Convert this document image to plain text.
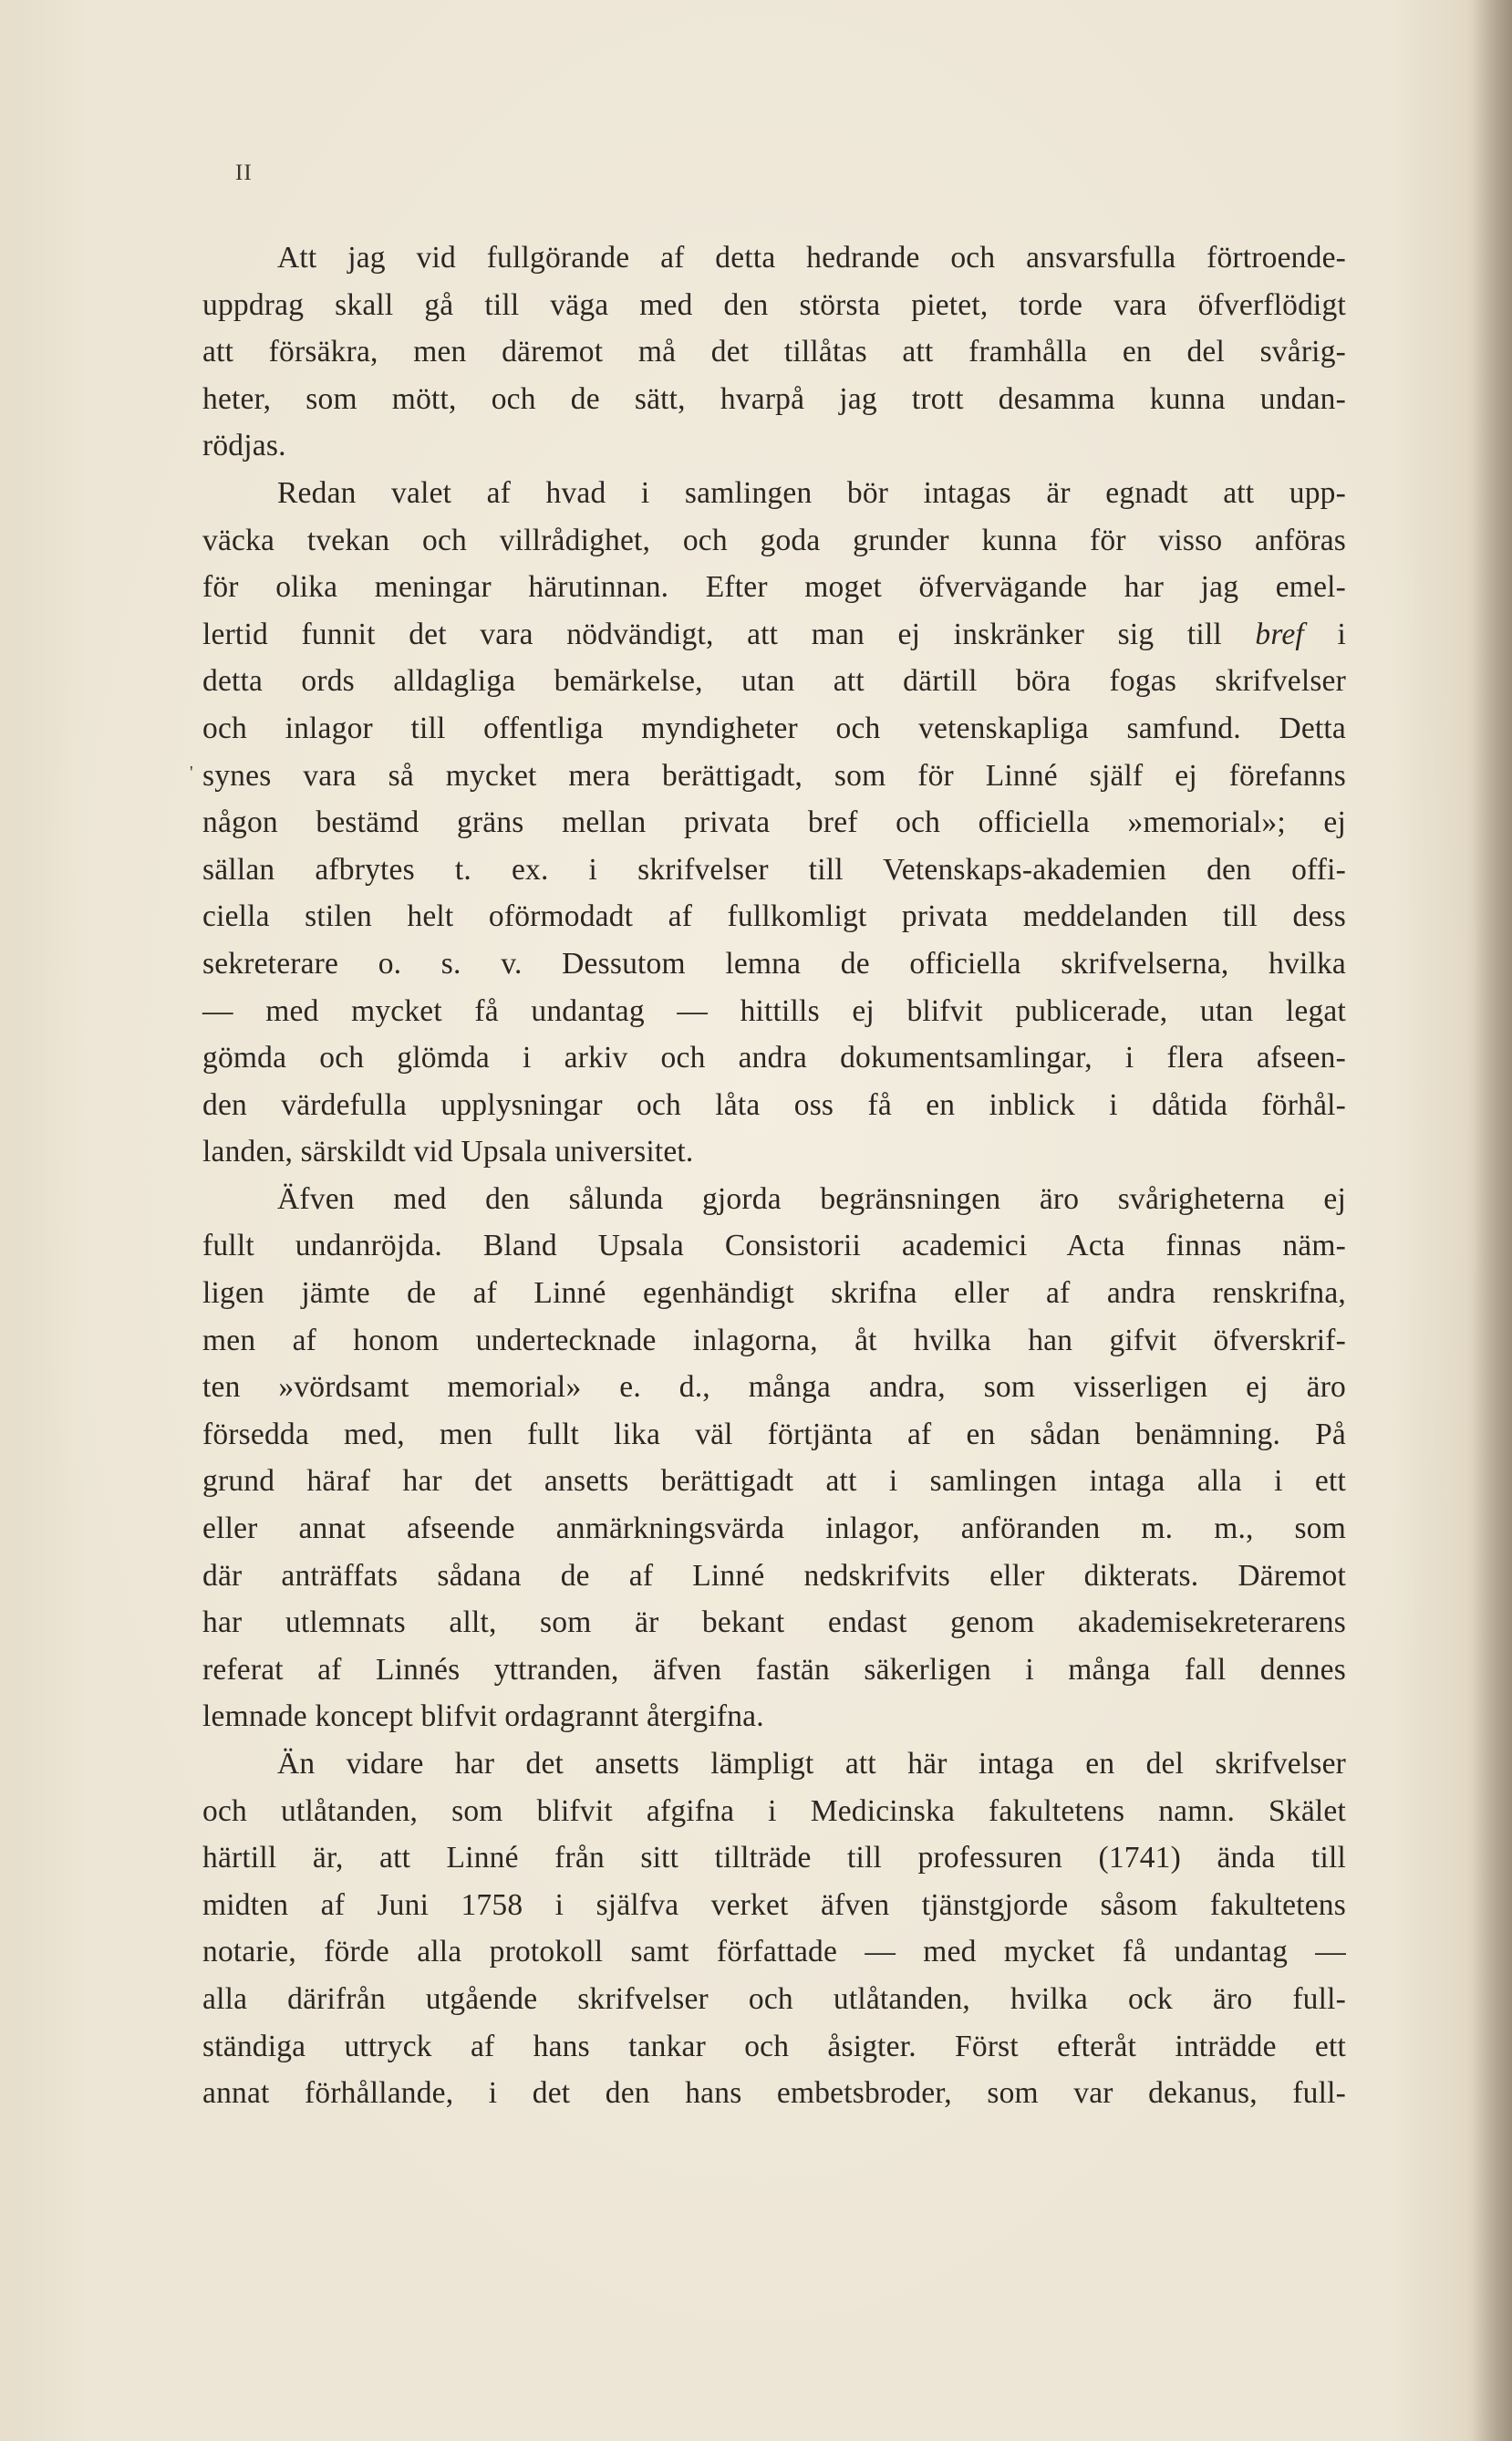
II
'
Att jag vid fullgörande af detta hedrande och ansvarsfulla förtroende-
uppdrag skall gå till väga med den största pietet, torde vara öfverflödigt
att försäkra, men däremot må det tillåtas att framhålla en del svårig-
heter, som mött, och de sätt, hvarpå jag trott desamma kunna undan-
rödjas.
Redan valet af hvad i samlingen bör intagas är egnadt att upp-
väcka tvekan och villrådighet, och goda grunder kunna för visso anföras
för olika meningar härutinnan. Efter moget öfvervägande har jag emel-
lertid funnit det vara nödvändigt, att man ej inskränker sig till bref i
detta ords alldagliga bemärkelse, utan att därtill böra fogas skrifvelser
och inlagor till offentliga myndigheter och vetenskapliga samfund. Detta
synes vara så mycket mera berättigadt, som för Linné själf ej förefanns
någon bestämd gräns mellan privata bref och officiella »memorial»; ej
sällan afbrytes t. ex. i skrifvelser till Vetenskaps-akademien den offi-
ciella stilen helt oförmodadt af fullkomligt privata meddelanden till dess
sekreterare o. s. v. Dessutom lemna de officiella skrifvelserna, hvilka
— med mycket få undantag — hittills ej blifvit publicerade, utan legat
gömda och glömda i arkiv och andra dokumentsamlingar, i flera afseen-
den värdefulla upplysningar och låta oss få en inblick i dåtida förhål-
landen, särskildt vid Upsala universitet.
Äfven med den sålunda gjorda begränsningen äro svårigheterna ej
fullt undanröjda. Bland Upsala Consistorii academici Acta finnas näm-
ligen jämte de af Linné egenhändigt skrifna eller af andra renskrifna,
men af honom undertecknade inlagorna, åt hvilka han gifvit öfverskrif-
ten »vördsamt memorial» e. d., många andra, som visserligen ej äro
försedda med, men fullt lika väl förtjänta af en sådan benämning. På
grund häraf har det ansetts berättigadt att i samlingen intaga alla i ett
eller annat afseende anmärkningsvärda inlagor, anföranden m. m., som
där anträffats sådana de af Linné nedskrifvits eller dikterats. Däremot
har utlemnats allt, som är bekant endast genom akademisekreterarens
referat af Linnés yttranden, äfven fastän säkerligen i många fall dennes
lemnade koncept blifvit ordagrannt återgifna.
Än vidare har det ansetts lämpligt att här intaga en del skrifvelser
och utlåtanden, som blifvit afgifna i Medicinska fakultetens namn. Skälet
härtill är, att Linné från sitt tillträde till professuren (1741) ända till
midten af Juni 1758 i själfva verket äfven tjänstgjorde såsom fakultetens
notarie, förde alla protokoll samt författade — med mycket få undantag —
alla därifrån utgående skrifvelser och utlåtanden, hvilka ock äro full-
ständiga uttryck af hans tankar och åsigter. Först efteråt inträdde ett
annat förhållande, i det den hans embetsbroder, som var dekanus, full-
